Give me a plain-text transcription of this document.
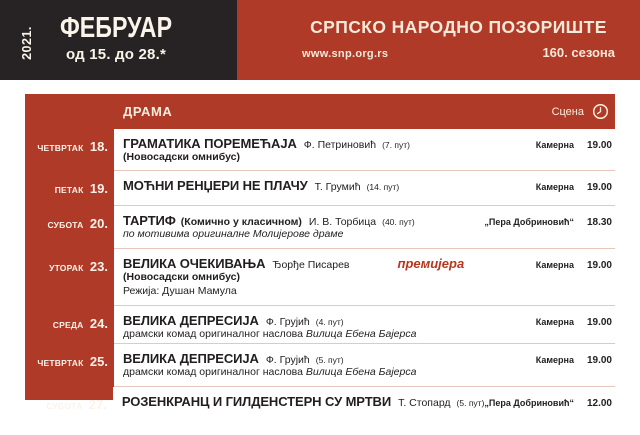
2021. ФЕБРУАР
од 15. до 28.*
СРПСКО НАРОДНО ПОЗОРИШТЕ
www.snp.org.rs	160. сезона
ДРАМА	Сцена
ЧЕТВРТАК 18.	ГРАМАТИКА ПОРЕМЕЋАЈА Ф. Петриновић (7. пут)	Камерна	19.00
(Новосадски омнибус)
ПЕТАК 19.	МОЋНИ РЕНЏЕРИ НЕ ПЛАЧУ Т. Грумић (14. пут)	Камерна	19.00
СУБОТА 20.	ТАРТИФ (Комично у класичном) И. В. Торбица (40. пут)	„Пера Добриновић“	18.30
по мотивима оригиналне Молијерове драме
УТОРАК 23.	ВЕЛИКА ОЧЕКИВАЊА Ђорђе Писарев	премијера	Камерна	19.00
(Новосадски омнибус)
Режија: Душан Мамула
СРЕДА 24.	ВЕЛИКА ДЕПРЕСИЈА Ф. Грујић (4. пут)	Камерна	19.00
драмски комад оригиналног наслова Вилица Ебена Бајерса
ЧЕТВРТАК 25.	ВЕЛИКА ДЕПРЕСИЈА Ф. Грујић (5. пут)	Камерна	19.00
драмски комад оригиналног наслова Вилица Ебена Бајерса
СУБОТА 27.	РОЗЕНКРАНЦ И ГИЛДЕНСТЕРН СУ МРТВИ Т. Стопард (5. пут) „Пера Добриновић“	12.00
